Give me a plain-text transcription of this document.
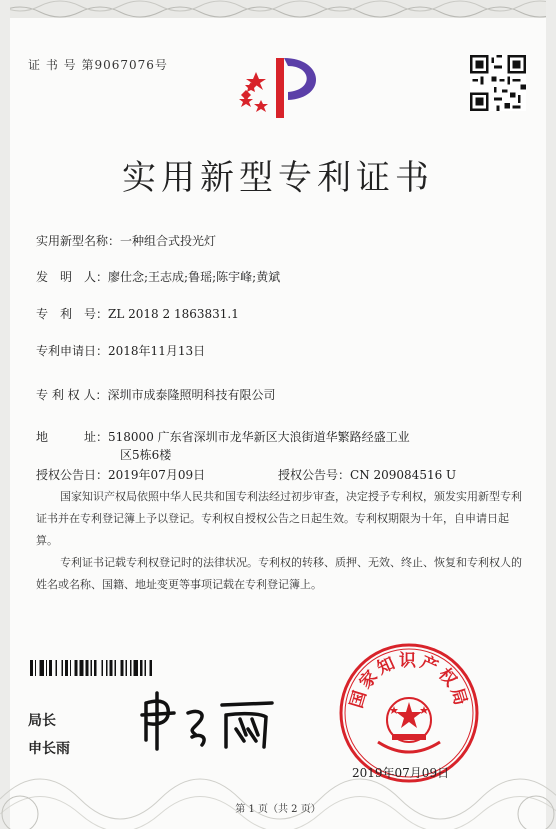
证 书 号 第9067076号
实用新型专利证书
实用新型名称：一种组合式投光灯
发　明　人：廖仕念;王志成;鲁瑶;陈宇峰;黄斌
专　利　号：ZL 2018 2 1863831.1
专利申请日：2018年11月13日
专 利 权 人：深圳市成泰隆照明科技有限公司
地　　　址：518000 广东省深圳市龙华新区大浪街道华繁路经盛工业
区5栋6楼
授权公告日：2019年07月09日	授权公告号：CN 209084516 U
国家知识产权局依照中华人民共和国专利法经过初步审查，决定授予专利权，颁发实用新型专利证书并在专利登记簿上予以登记。专利权自授权公告之日起生效。专利权期限为十年，自申请日起算。
专利证书记载专利权登记时的法律状况。专利权的转移、质押、无效、终止、恢复和专利权人的姓名或名称、国籍、地址变更等事项记载在专利登记簿上。
局长
申长雨
国家知识产权局
2019年07月09日
第 1 页（共 2 页）
